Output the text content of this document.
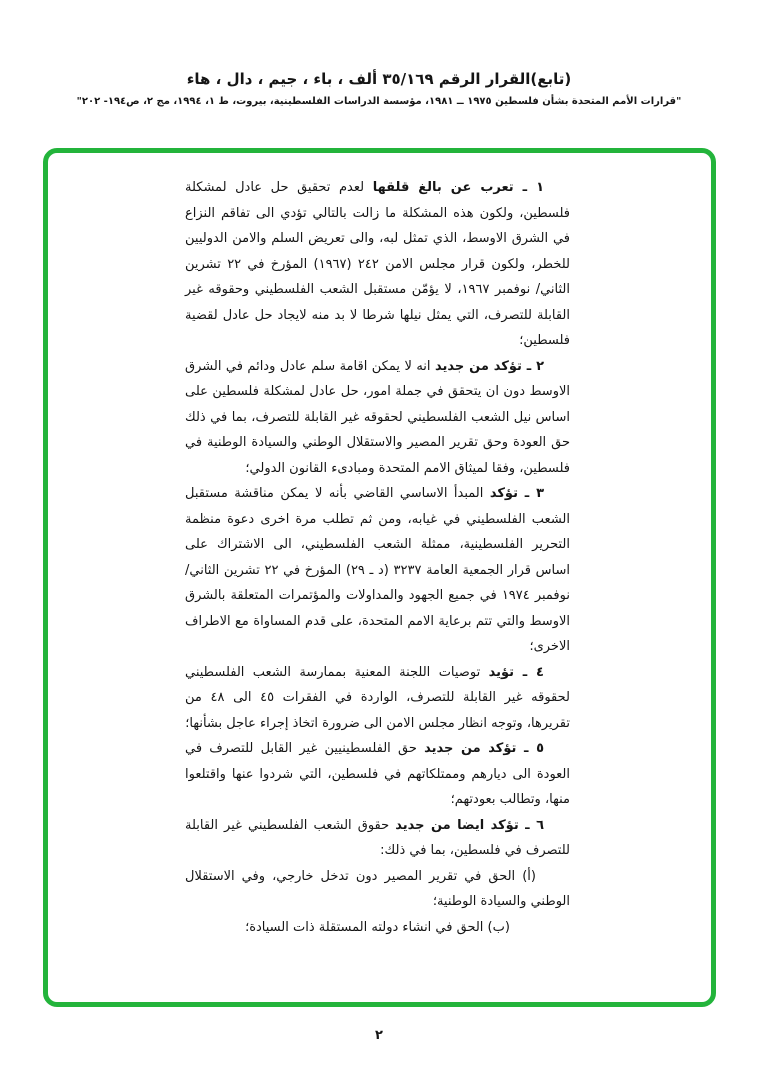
(تابع)القرار الرقم ٣٥/١٦٩ ألف ، باء ، جيم ، دال ، هاء
"قرارات الأمم المتحدة بشأن فلسطين ١٩٧٥ ــ ١٩٨١، مؤسسة الدراسات الفلسطينية، بيروت، ط ١، ١٩٩٤، مج ٢، ص١٩٤- ٢٠٢"

١ ـ تعرب عن بالغ قلقها لعدم تحقيق حل عادل لمشكلة فلسطين، ولكون هذه المشكلة ما زالت بالتالي تؤدي الى تفاقم النزاع في الشرق الاوسط، الذي تمثل لبه، والى تعريض السلم والامن الدوليين للخطر، ولكون قرار مجلس الامن ٢٤٢ (١٩٦٧) المؤرخ في ٢٢ تشرين الثاني/ نوفمبر ١٩٦٧، لا يؤمّن مستقبل الشعب الفلسطيني وحقوقه غير القابلة للتصرف، التي يمثل نيلها شرطا لا بد منه لايجاد حل عادل لقضية فلسطين؛

٢ ـ تؤكد من جديد انه لا يمكن اقامة سلم عادل ودائم في الشرق الاوسط دون ان يتحقق في جملة امور، حل عادل لمشكلة فلسطين على اساس نيل الشعب الفلسطيني لحقوقه غير القابلة للتصرف، بما في ذلك حق العودة وحق تقرير المصير والاستقلال الوطني والسيادة الوطنية في فلسطين، وفقا لميثاق الامم المتحدة ومبادىء القانون الدولي؛

٣ ـ تؤكد المبدأ الاساسي القاضي بأنه لا يمكن مناقشة مستقبل الشعب الفلسطيني في غيابه، ومن ثم تطلب مرة اخرى دعوة منظمة التحرير الفلسطينية، ممثلة الشعب الفلسطيني، الى الاشتراك على اساس قرار الجمعية العامة ٣٢٣٧ (د ـ ٢٩) المؤرخ في ٢٢ تشرين الثاني/ نوفمبر ١٩٧٤ في جميع الجهود والمداولات والمؤتمرات المتعلقة بالشرق الاوسط والتي تتم برعاية الامم المتحدة، على قدم المساواة مع الاطراف الاخرى؛

٤ ـ تؤيد توصيات اللجنة المعنية بممارسة الشعب الفلسطيني لحقوقه غير القابلة للتصرف، الواردة في الفقرات ٤٥ الى ٤٨ من تقريرها، وتوجه انظار مجلس الامن الى ضرورة اتخاذ إجراء عاجل بشأنها؛

٥ ـ تؤكد من جديد حق الفلسطينيين غير القابل للتصرف في العودة الى ديارهم وممتلكاتهم في فلسطين، التي شردوا عنها واقتلعوا منها، وتطالب بعودتهم؛

٦ ـ تؤكد ايضا من جديد حقوق الشعب الفلسطيني غير القابلة للتصرف في فلسطين، بما في ذلك:

(أ) الحق في تقرير المصير دون تدخل خارجي، وفي الاستقلال الوطني والسيادة الوطنية؛

(ب) الحق في انشاء دولته المستقلة ذات السيادة؛

٢
